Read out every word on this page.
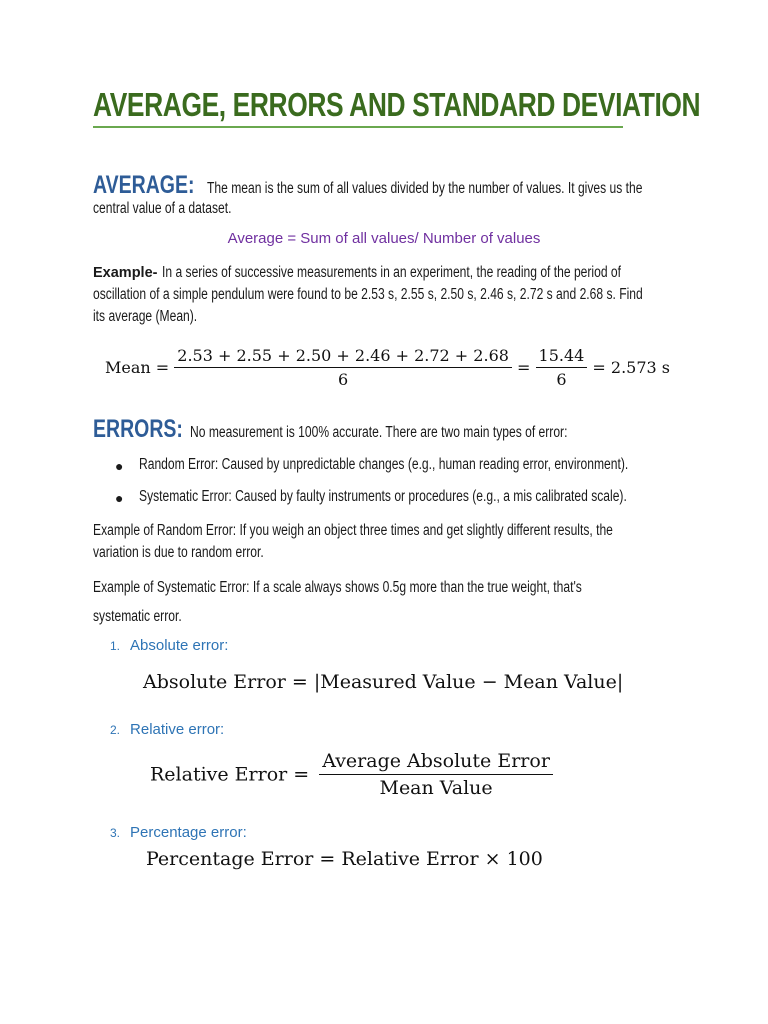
AVERAGE, ERRORS AND STANDARD DEVIATION
AVERAGE: The mean is the sum of all values divided by the number of values. It gives us the
central value of a dataset.
Average = Sum of all values/ Number of values
Example- In a series of successive measurements in an experiment, the reading of the period of
oscillation of a simple pendulum were found to be 2.53 s, 2.55 s, 2.50 s, 2.46 s, 2.72 s and 2.68 s. Find
its average (Mean).
Mean = $\frac{2.53 + 2.55 + 2.50 + 2.46 + 2.72 + 2.68}{6} = \frac{15.44}{6} = 2.573$ s
ERRORS: No measurement is 100% accurate. There are two main types of error:
● Random Error: Caused by unpredictable changes (e.g., human reading error, environment).
● Systematic Error: Caused by faulty instruments or procedures (e.g., a mis calibrated scale).
Example of Random Error: If you weigh an object three times and get slightly different results, the
variation is due to random error.
Example of Systematic Error: If a scale always shows 0.5g more than the true weight, that's
systematic error.
1. Absolute error:
Absolute Error = |Measured Value − Mean Value|
2. Relative error:
Relative Error = $\frac{\text{Average Absolute Error}}{\text{Mean Value}}$
3. Percentage error:
Percentage Error = Relative Error × 100
